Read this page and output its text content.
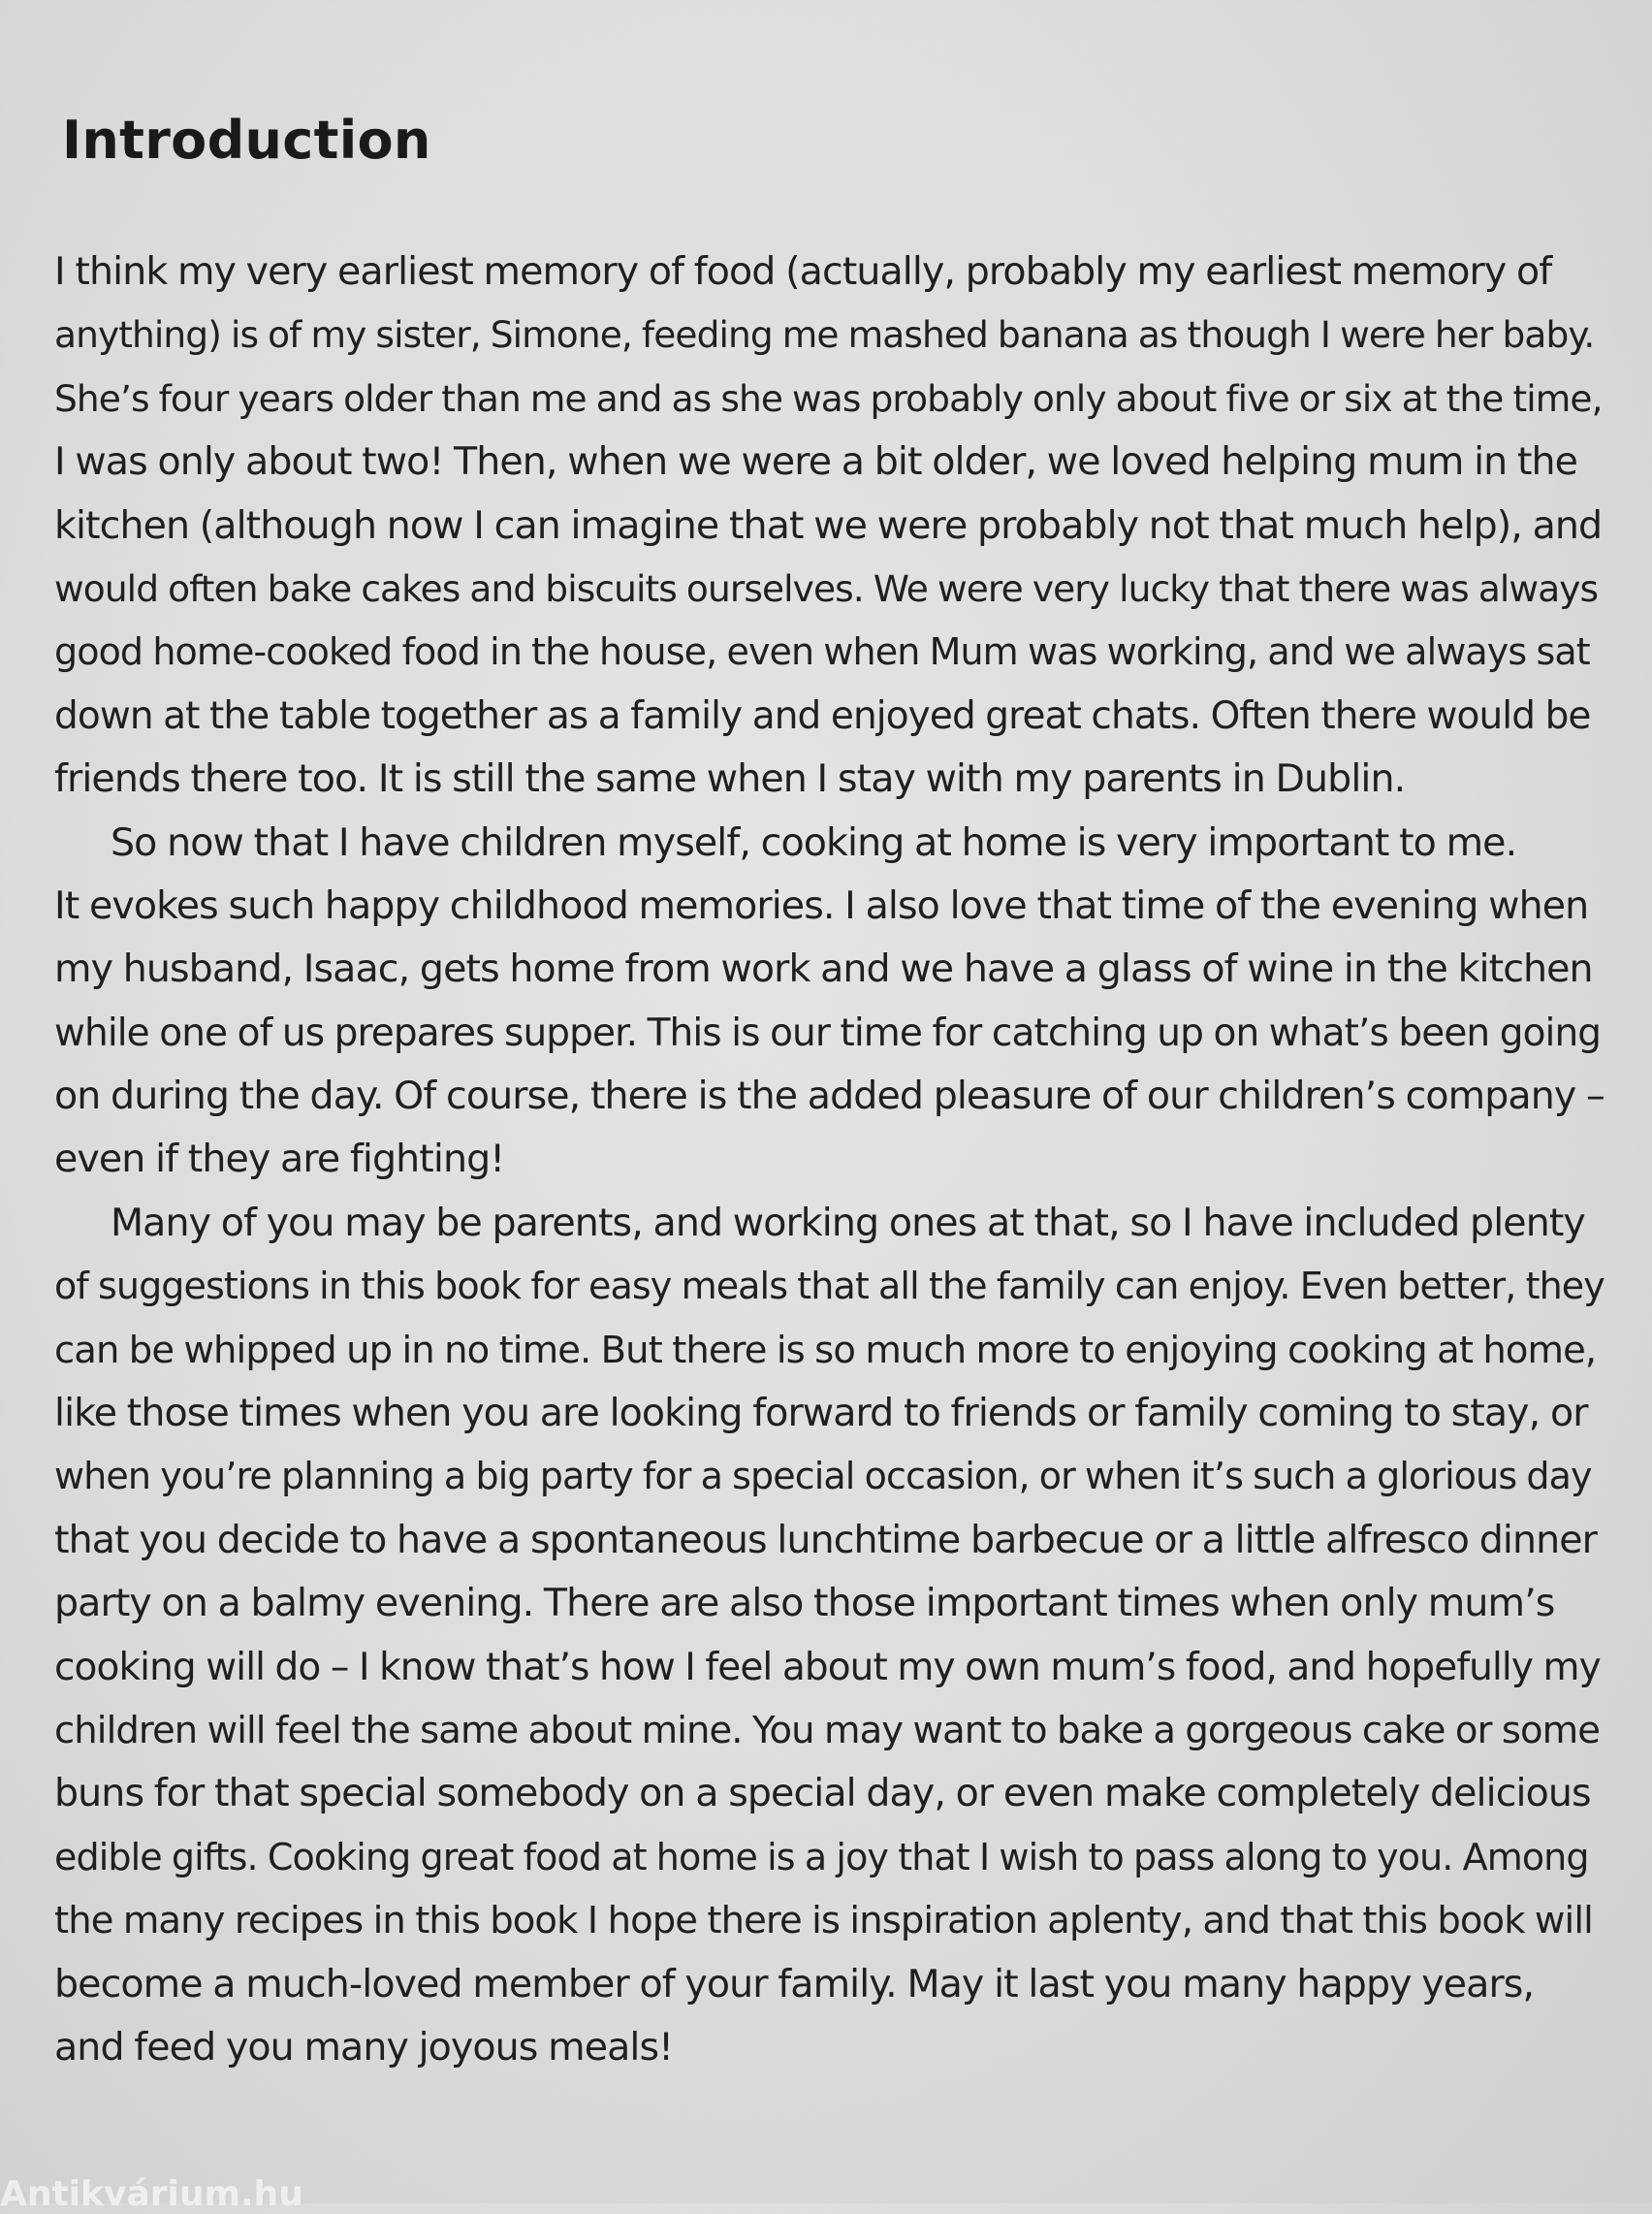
Introduction
I think my very earliest memory of food (actually, probably my earliest memory of
anything) is of my sister, Simone, feeding me mashed banana as though I were her baby.
She’s four years older than me and as she was probably only about five or six at the time,
I was only about two! Then, when we were a bit older, we loved helping mum in the
kitchen (although now I can imagine that we were probably not that much help), and
would often bake cakes and biscuits ourselves. We were very lucky that there was always
good home-cooked food in the house, even when Mum was working, and we always sat
down at the table together as a family and enjoyed great chats. Often there would be
friends there too. It is still the same when I stay with my parents in Dublin.
So now that I have children myself, cooking at home is very important to me.
It evokes such happy childhood memories. I also love that time of the evening when
my husband, Isaac, gets home from work and we have a glass of wine in the kitchen
while one of us prepares supper. This is our time for catching up on what’s been going
on during the day. Of course, there is the added pleasure of our children’s company –
even if they are fighting!
Many of you may be parents, and working ones at that, so I have included plenty
of suggestions in this book for easy meals that all the family can enjoy. Even better, they
can be whipped up in no time. But there is so much more to enjoying cooking at home,
like those times when you are looking forward to friends or family coming to stay, or
when you’re planning a big party for a special occasion, or when it’s such a glorious day
that you decide to have a spontaneous lunchtime barbecue or a little alfresco dinner
party on a balmy evening. There are also those important times when only mum’s
cooking will do – I know that’s how I feel about my own mum’s food, and hopefully my
children will feel the same about mine. You may want to bake a gorgeous cake or some
buns for that special somebody on a special day, or even make completely delicious
edible gifts. Cooking great food at home is a joy that I wish to pass along to you. Among
the many recipes in this book I hope there is inspiration aplenty, and that this book will
become a much-loved member of your family. May it last you many happy years,
and feed you many joyous meals!
Antikvárium.hu
